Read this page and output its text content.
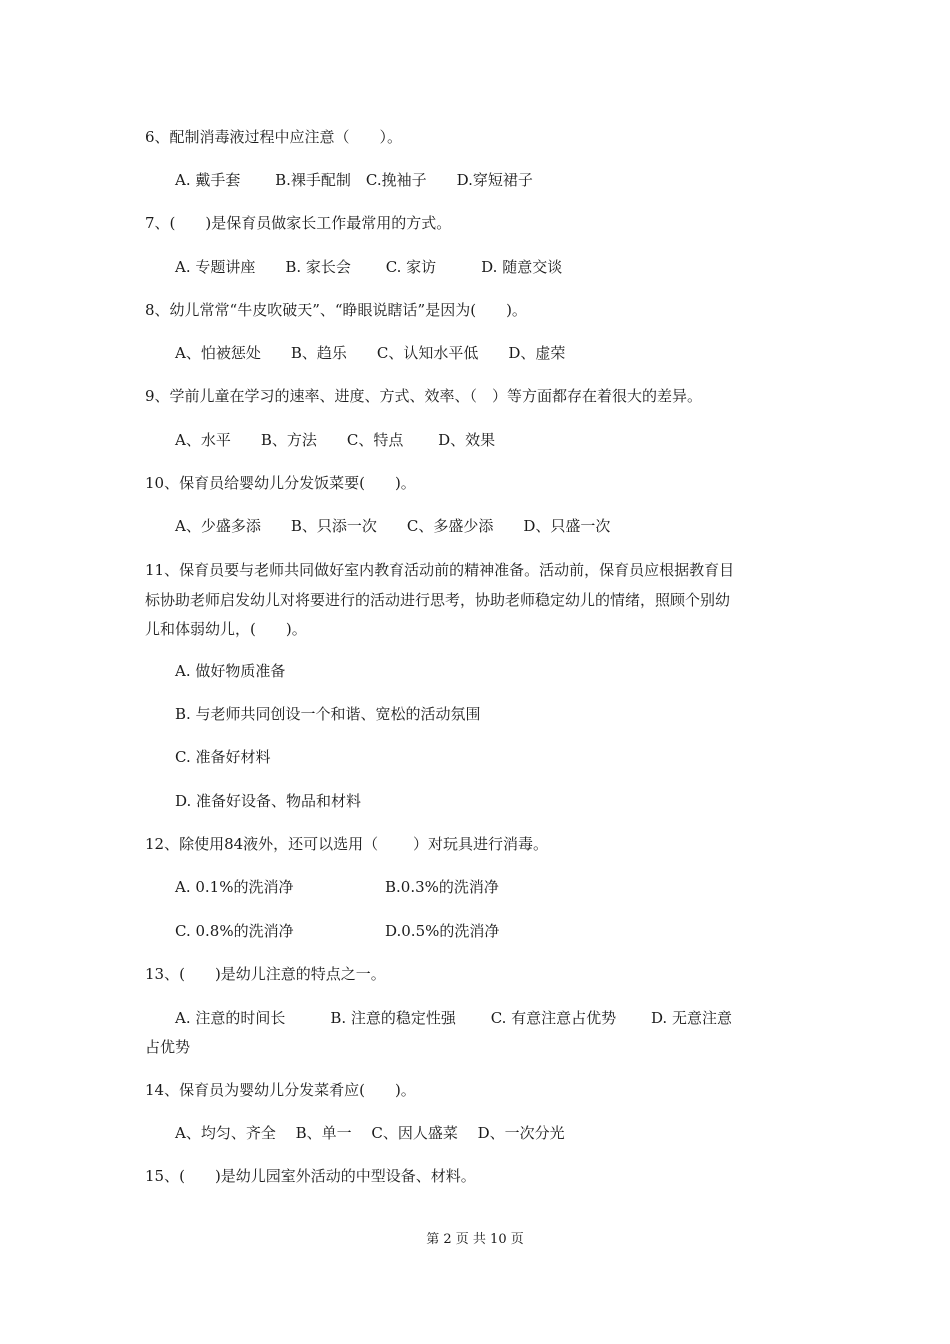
6、配制消毒液过程中应注意（　　）。
A. 戴手套　　 B.裸手配制　C.挽袖子　　D.穿短裙子
7、(　　)是保育员做家长工作最常用的方式。
A. 专题讲座　　B. 家长会　　 C. 家访　　　D. 随意交谈
8、幼儿常常“牛皮吹破天”、“睁眼说瞎话”是因为(　　)。
A、怕被惩处　　B、趋乐　　C、认知水平低　　D、虚荣
9、学前儿童在学习的速率、进度、方式、效率、（　）等方面都存在着很大的差异。
A、水平　　B、方法　　C、特点　　 D、效果
10、保育员给婴幼儿分发饭菜要(　　)。
A、少盛多添　　B、只添一次　　C、多盛少添　　D、只盛一次
11、保育员要与老师共同做好室内教育活动前的精神准备。活动前，保育员应根据教育目
标协助老师启发幼儿对将要进行的活动进行思考，协助老师稳定幼儿的情绪，照顾个别幼
儿和体弱幼儿，(　　)。
A. 做好物质准备
B. 与老师共同创设一个和谐、宽松的活动氛围
C. 准备好材料
D. 准备好设备、物品和材料
12、除使用84液外，还可以选用（　　 ）对玩具进行消毒。
A. 0.1%的洗消净	B.0.3%的洗消净
C. 0.8%的洗消净	D.0.5%的洗消净
13、(　　)是幼儿注意的特点之一。
A. 注意的时间长　　　B. 注意的稳定性强　　 C. 有意注意占优势　　 D. 无意注意
占优势
14、保育员为婴幼儿分发菜肴应(　　)。
A、均匀、齐全　 B、单一　 C、因人盛菜　 D、一次分光
15、(　　)是幼儿园室外活动的中型设备、材料。
第 2 页 共 10 页
